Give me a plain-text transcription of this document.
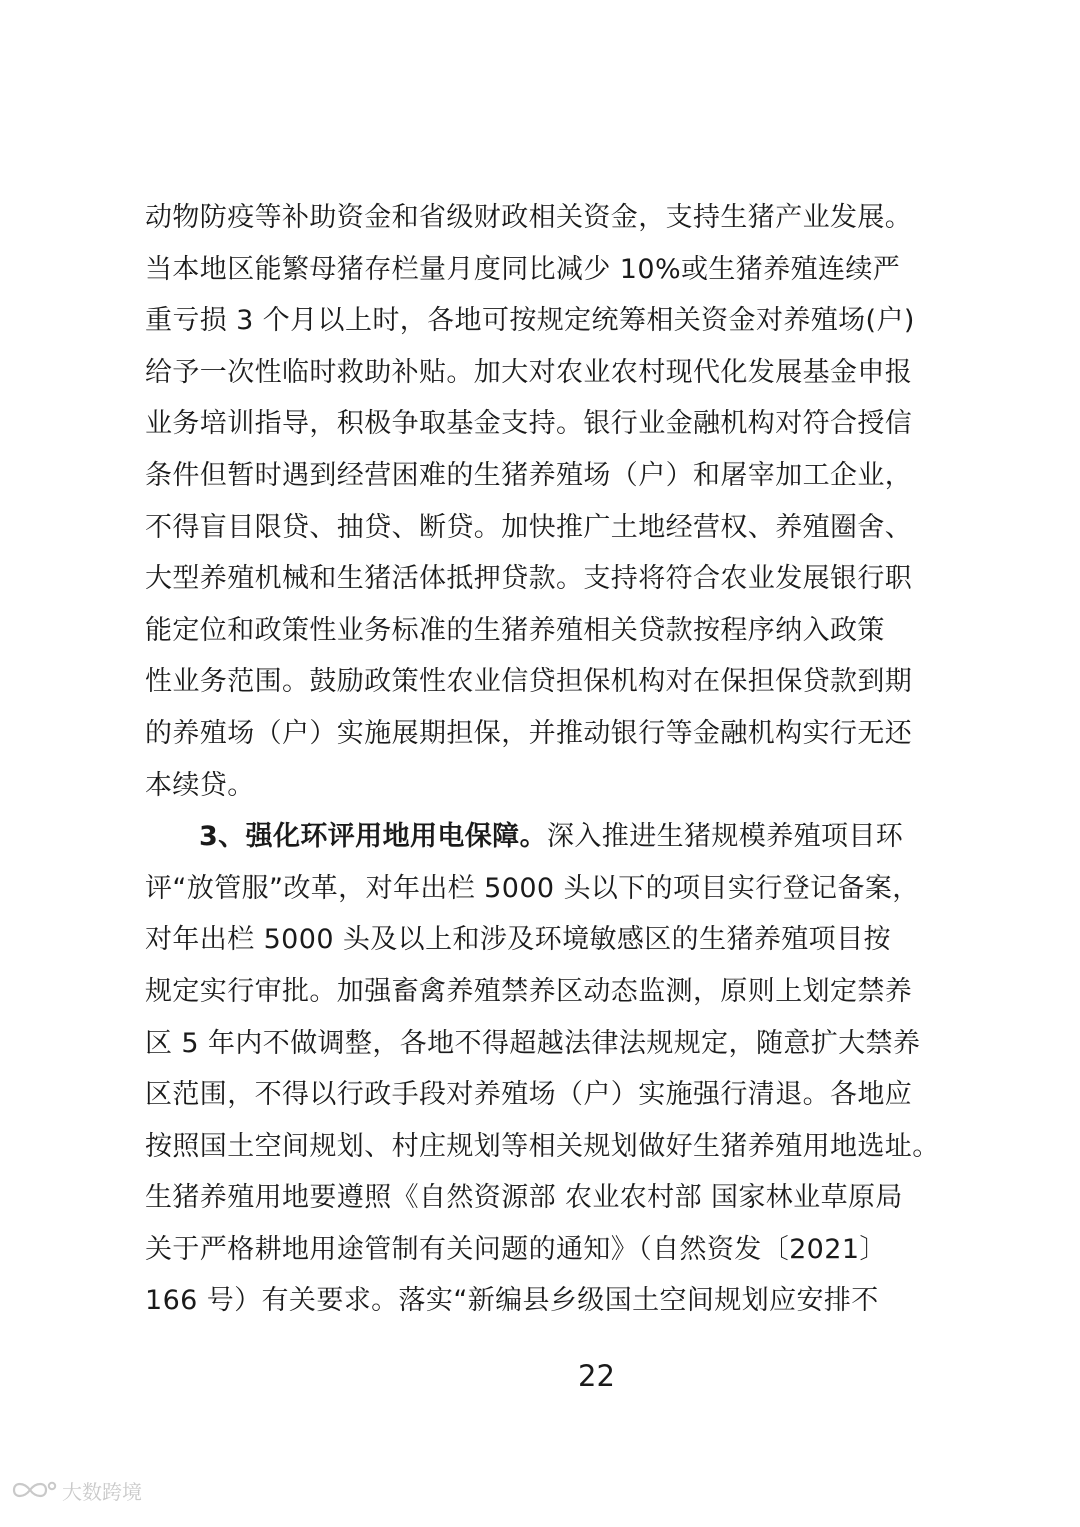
动物防疫等补助资金和省级财政相关资金，支持生猪产业发展。
当本地区能繁母猪存栏量月度同比减少 10%或生猪养殖连续严
重亏损 3 个月以上时，各地可按规定统筹相关资金对养殖场(户)
给予一次性临时救助补贴。加大对农业农村现代化发展基金申报
业务培训指导，积极争取基金支持。银行业金融机构对符合授信
条件但暂时遇到经营困难的生猪养殖场（户）和屠宰加工企业，
不得盲目限贷、抽贷、断贷。加快推广土地经营权、养殖圈舍、
大型养殖机械和生猪活体抵押贷款。支持将符合农业发展银行职
能定位和政策性业务标准的生猪养殖相关贷款按程序纳入政策
性业务范围。鼓励政策性农业信贷担保机构对在保担保贷款到期
的养殖场（户）实施展期担保，并推动银行等金融机构实行无还
本续贷。
3、强化环评用地用电保障。深入推进生猪规模养殖项目环
评“放管服”改革，对年出栏 5000 头以下的项目实行登记备案，
对年出栏 5000 头及以上和涉及环境敏感区的生猪养殖项目按
规定实行审批。加强畜禽养殖禁养区动态监测，原则上划定禁养
区 5 年内不做调整，各地不得超越法律法规规定，随意扩大禁养
区范围，不得以行政手段对养殖场（户）实施强行清退。各地应
按照国土空间规划、村庄规划等相关规划做好生猪养殖用地选址。
生猪养殖用地要遵照《自然资源部 农业农村部 国家林业草原局
关于严格耕地用途管制有关问题的通知》（自然资发〔2021〕
166 号）有关要求。落实“新编县乡级国土空间规划应安排不
22
大数跨境
